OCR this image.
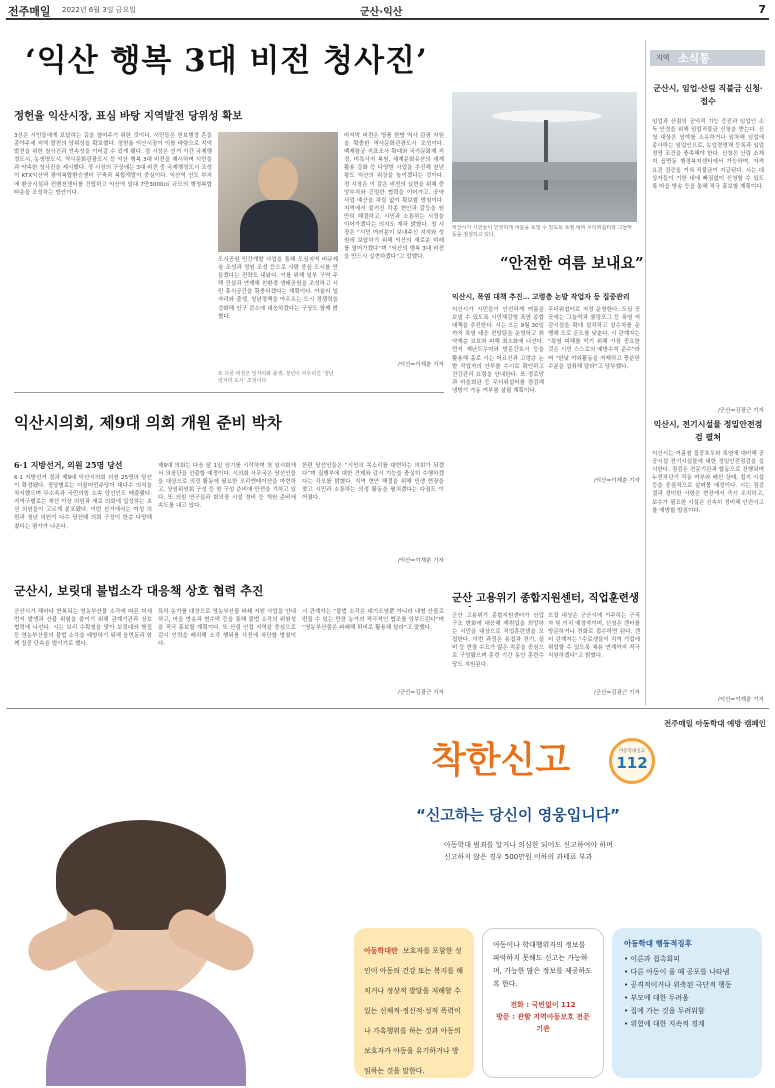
전주매일 2022년 6월 3일 금요일	군산·익산	7
‘익산 행복 3대 비전 청사진’
정헌율 익산시장, 표심 바탕 지역발전 당위성 확보
3선은 시민들에게 보답하는 길을 열어주기 위한 것이다. 시민들은 믿보행정 흔들 종야주세 지역 발전의 당위성을 확보했다. 정헌율 익산시장이 이를 바탕으로 지역발전을 위한 청사진과 연속성을 이어갈 수 있게 됐다. 정 시장은 선거 기간 국제행정도시, 농생명도시, 역사문화관광도시 등 익산 행복 3대 비전을 제시하며 시민들과 약속한 청사진을 제시했다. 정 시장의 구상에는 3대 비전 중 국제행정도시 조성이 KTX익산역 광역복합환승센터 구축과 복합개발이 중심이다. 익산역 선도 부지에 환승시설과 컨벤션센터를 건립하고 익산역 일대 7만3000㎡ 규모의 행정복합타운을 조성하는 방안이다.
도시공원 민간개발 사업을 통해 도심지역 비규제 숲 조성과 정원 조성 등으로 사람 중심 도시를 만들겠다는 전략도 내놨다. 이를 위해 일부 구역 주택 건설과 연계해 친환경 생태공원을 조성하고 시민 휴식공간을 확충하겠다는 계획이다. 아울러 일자리와 출생, 청년정책을 아우르는 도시 경쟁력을 강화해 인구 감소에 대응하겠다는 구상도 함께 밝혔다.
마지막 비전은 명품 한방 역사 관광 자원을 확충한 역사문화관광도시 조성이다. 백제왕궁 지표조사 확대와 국가문화재 지정, 미륵사지 복원, 세계문화유산의 세계 활용 강화 등 다양한 사업을 추진해 천년 왕도 익산의 위상을 높이겠다는 것이다. 정 시장은 이 같은 비전의 실현을 위해 중앙부처와 긴밀한 협력을 이어가고, 공약사업 예산을 차질 없이 확보할 방침이다. 지역에서 불거진 각종 현안과 갈등을 원만히 해결하고, 시민과 소통하는 시정을 이어가겠다는 의지도 재차 밝혔다. 정 시장은 “시민 여러분이 보내주신 지지와 성원에 보답하기 위해 익산의 새로운 미래를 열어가겠다”며 “익산의 행복 3대 비전을 반드시 실현하겠다”고 말했다.
/익산=이재춘 기자
또 다른 비전은 일자리와 출생, 청년이 어우러진 ‘청년일자리 도시’ 조성이다.
익산시가 시민들이 안전하게 여름을 보낼 수 있도록 폭염 대비 무더위쉼터와 그늘막 등을 점검하고 있다.
“안전한 여름 보내요”
익산시, 폭염 대책 추진… 고령층 논밭 작업자 등 집중관리
익산시가 시민들이 안전하게 여름을 보낼 수 있도록 시민체감형 폭염 종합대책을 추진한다. 시는 오는 9월 30일까지 폭염 대응 전담팀을 운영하고 취약계층 보호와 피해 최소화에 나선다. 먼저 재난도우미와 방문간호사 등을 활용해 홀로 사는 어르신과 고령층 논밭 작업자의 안부를 수시로 확인하고 건강관리 요령을 안내한다. 또 경로당과 마을회관 등 무더위쉼터를 점검해 냉방기 가동 여부를 살필 계획이다.
무더위쉼터로 지정 운영한다. 도심 곳곳에는 그늘막과 쿨링포그 등 폭염 저감시설을 확대 설치하고 살수차를 운행해 도로 온도를 낮춘다. 시 관계자는 “폭염 피해를 막기 위해 가장 중요한 것은 시민 스스로의 예방수칙 준수”라며 “한낮 야외활동을 자제하고 충분한 수분을 섭취해 달라”고 당부했다.
/익산=이재춘 기자
익산시의회, 제9대 의회 개원 준비 박차
6·1 지방선거, 의원 25명 당선
6·1 지방선거 결과 제9대 익산시의회 의원 25명의 당선이 확정됐다. 정당별로는 더불어민주당이 대다수 의석을 차지했으며 무소속과 국민의힘 소속 당선인도 배출됐다. 지역구별로는 재선 이상 의원과 새로 의회에 입성하는 초선 의원들이 고르게 분포됐다. 이번 선거에서는 여성 의원과 청년 의원이 다수 당선돼 의회 구성이 한층 다양해졌다는 평가가 나온다.
제9대 의회는 다음 달 1일 임기를 시작하며 첫 임시회에서 의장단을 선출할 예정이다. 시의회 사무국은 당선인들을 대상으로 의정 활동에 필요한 오리엔테이션을 마련하고, 상임위원회 구성 등 원 구성 준비에 만전을 기하고 있다. 또 의원 연구실과 회의장 시설 정비 등 개원 준비에 속도를 내고 있다.
한편 당선인들은 “시민의 목소리를 대변하는 의회가 되겠다”며 집행부에 대한 견제와 감시 기능을 충실히 수행하겠다는 각오를 밝혔다. 지역 현안 해결을 위해 민생 현장을 찾고 시민과 소통하는 의정 활동을 펼치겠다는 다짐도 이어졌다.
/익산=이재춘 기자
군산시, 보릿대 불법소각 대응책 상호 협력 추진
군산시가 해마다 반복되는 영농부산물 소각에 따른 미세먼지 발생과 산불 위험을 줄이기 위해 관계기관과 상호 협력에 나선다. 시는 보리 수확철을 맞아 보릿대와 볏짚 등 영농부산물의 불법 소각을 예방하기 위해 읍면동과 함께 집중 단속을 벌이기로 했다.
특히 농가를 대상으로 영농부산물 파쇄 지원 사업을 안내하고, 마을 방송과 현수막 등을 통해 불법 소각의 위험성을 적극 홍보할 계획이다. 또 산림 인접 지역을 중심으로 감시 인력을 배치해 소각 행위를 사전에 차단할 방침이다.
시 관계자는 “불법 소각은 대기오염뿐 아니라 대형 산불로 번질 수 있는 만큼 농가의 적극적인 협조를 당부드린다”며 “영농부산물은 파쇄해 퇴비로 활용해 달라”고 말했다.
/군산=김광근 기자
군산 고용위기 종합지원센터, 직업훈련생
군산 고용위기 종합지원센터가 산업 구조 변화에 대응해 재취업을 희망하는 시민을 대상으로 직업훈련생을 모집한다. 이번 과정은 용접과 전기, 설비 등 현장 수요가 많은 직종을 중심으로 구성됐으며 훈련 기간 동안 훈련수당도 지원된다.
모집 대상은 군산시에 거주하는 구직자 및 이직 예정자이며, 신청은 센터를 방문하거나 전화로 접수하면 된다. 센터 관계자는 “수료생들이 지역 기업에 취업할 수 있도록 채용 연계까지 적극 지원하겠다”고 밝혔다.
/군산=김광근 기자
지역 소식통
군산시, 임업·산림 직불금 신청·접수
임업과 산림의 공익적 기능 증진과 임업인 소득 안정을 위해 임업직불금 신청을 받는다. 신청 대상은 임야를 소유하거나 임차해 임업에 종사하는 임업인으로, 농업경영체 등록과 임업경영 조건을 충족해야 한다. 신청은 산림 소재지 읍면동 행정복지센터에서 가능하며, 자격 요건 검증을 거쳐 직불금이 지급된다. 시는 대상자들이 기한 내에 빠짐없이 신청할 수 있도록 마을 방송 등을 통해 적극 홍보할 계획이다.
/군산=김광근 기자
익산시, 전기시설물 정밀안전점검 펼쳐
익산시는 여름철 집중호우와 폭염에 대비해 공공시설 전기시설물에 대한 정밀안전점검을 실시한다. 점검은 전문기관과 합동으로 진행되며 누전차단기 작동 여부와 배선 상태, 접지 시설 등을 중점적으로 살펴볼 예정이다. 시는 점검 결과 경미한 사항은 현장에서 즉시 조치하고, 보수가 필요한 시설은 신속히 정비해 안전사고를 예방할 방침이다.
/익산=이재춘 기자
전주매일 아동학대 예방 캠페인
착한신고	아동학대신고
112
“신고하는 당신이 영웅입니다”
아동학대 범죄를 알거나 의심한 되어도 신고하여야 하며
신고하지 않은 경우 500만원 이하의 과태료 부과
아동학대란 보호자를 포함한 성인이 아동의 건강 또는 복지를 해치거나 정상적 발달을 저해할 수 있는 신체적·정신적·성적 폭력이나 가혹행위를 하는 것과 아동의 보호자가 아동을 유기하거나 방임하는 것을 말한다.
아동이나 학대행위자의 정보를 파악하지 못해도 신고는 가능하며, 가능한 많은 정보를 제공하도록 한다.
전화 : 국번없이 112
방문 : 관할 지역아동보호 전문기관
아동학대 행동적징후
• 이른과 접촉회피
• 다른 아동이 울 때 공포를 나타냄
• 공격적이거나 위축된 극단적 행동
• 부모에 대한 두려움
• 집에 가는 것을 두려워함
• 위험에 대한 지속적 경계
